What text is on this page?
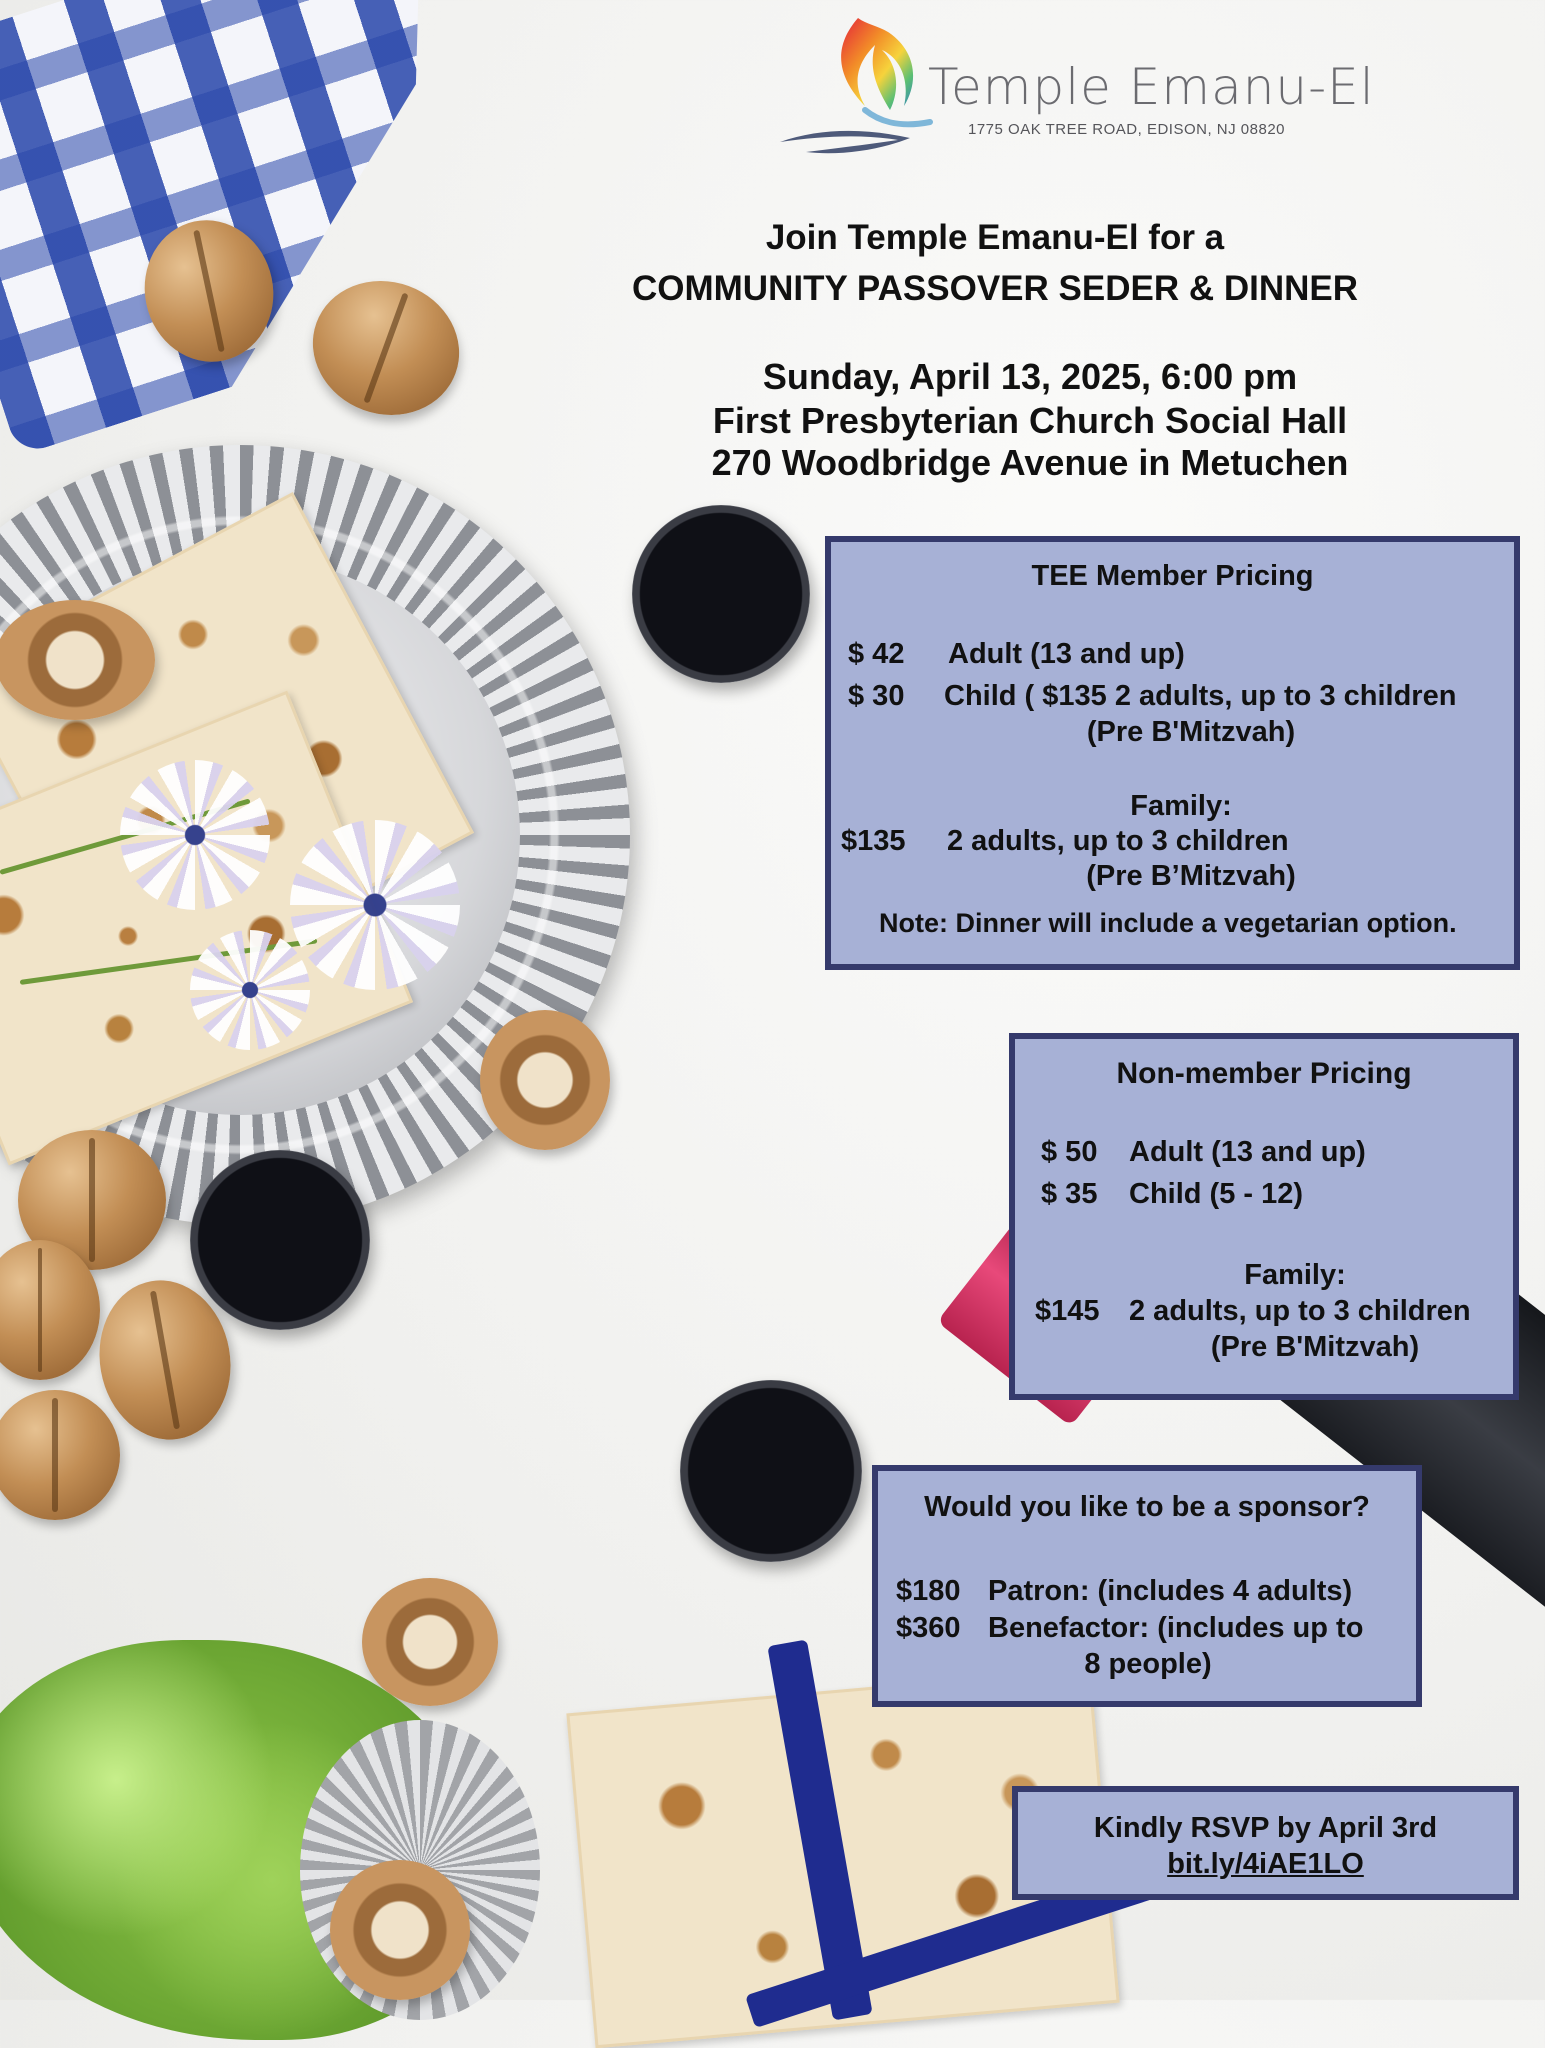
Temple Emanu-El
1775 OAK TREE ROAD, EDISON, NJ 08820
Join Temple Emanu-El for a
COMMUNITY PASSOVER SEDER & DINNER
Sunday, April 13, 2025, 6:00 pm
First Presbyterian Church Social Hall
270 Woodbridge Avenue in Metuchen
TEE Member Pricing
$ 42 Adult (13 and up)
$ 30 Child ( $135 2 adults, up to 3 children
(Pre B'Mitzvah)
Family:
$135 2 adults, up to 3 children
(Pre B’Mitzvah)
Note: Dinner will include a vegetarian option.
Non-member Pricing
$ 50 Adult (13 and up)
$ 35 Child (5 - 12)
Family:
$145 2 adults, up to 3 children
(Pre B'Mitzvah)
Would you like to be a sponsor?
$180 Patron: (includes 4 adults)
$360 Benefactor: (includes up to
8 people)
Kindly RSVP by April 3rd
bit.ly/4iAE1LO
